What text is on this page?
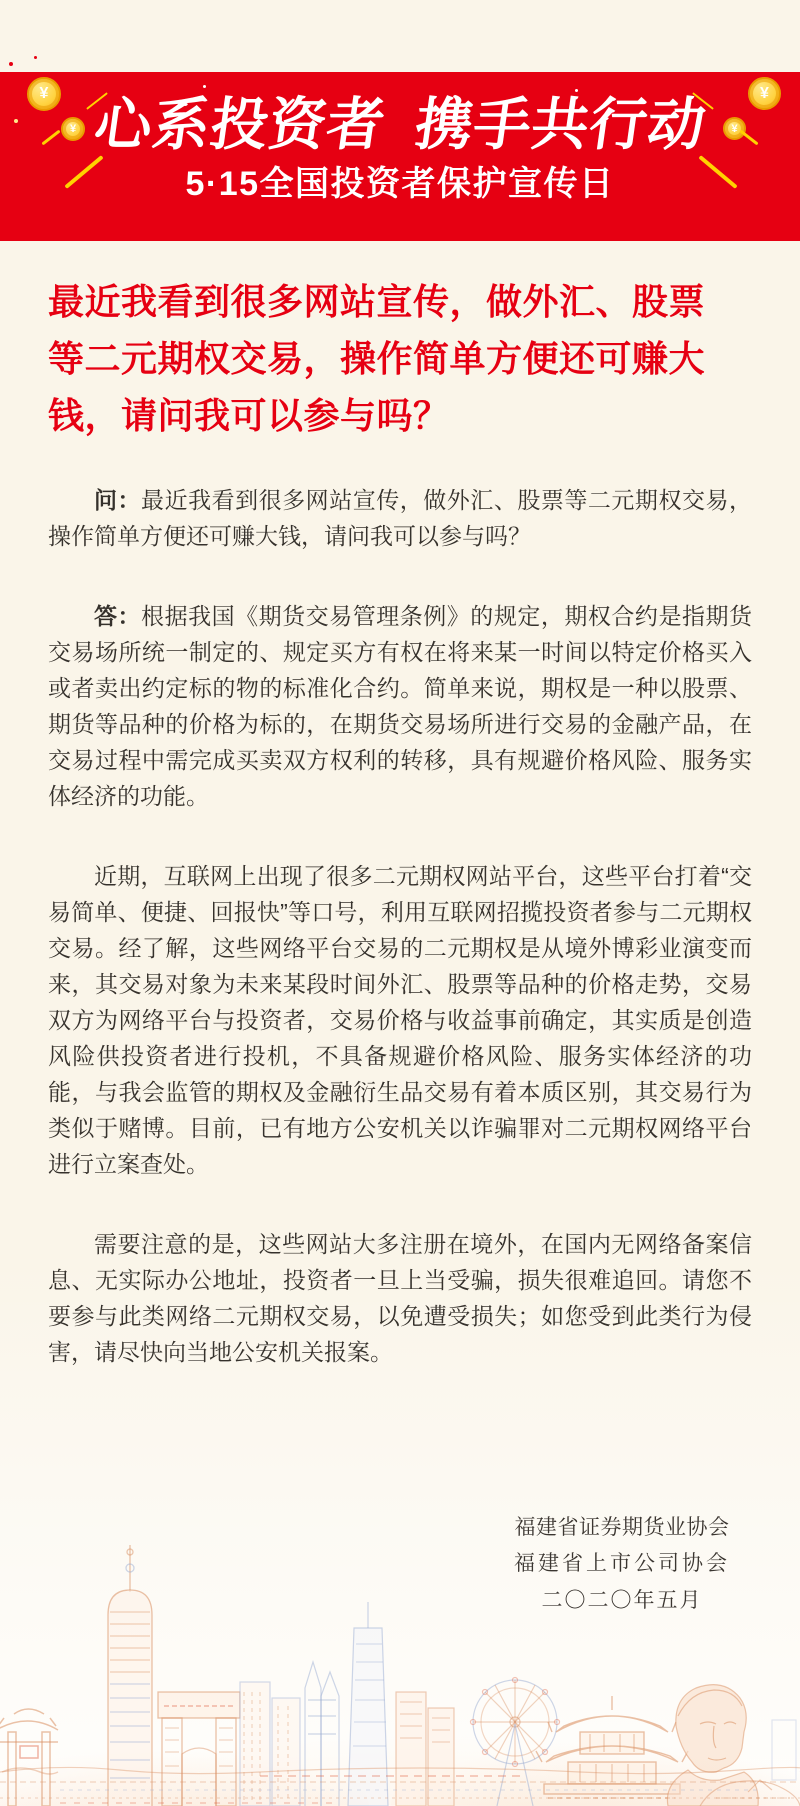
¥
¥
¥
¥
心系投资者 携手共行动
5·15全国投资者保护宣传日
最近我看到很多网站宣传，做外汇、股票
等二元期权交易，操作简单方便还可赚大
钱，请问我可以参与吗？

问：最近我看到很多网站宣传，做外汇、股票等二元期权交易，操作简单方便还可赚大钱，请问我可以参与吗？

答：根据我国《期货交易管理条例》的规定，期权合约是指期货交易场所统一制定的、规定买方有权在将来某一时间以特定价格买入或者卖出约定标的物的标准化合约。简单来说，期权是一种以股票、期货等品种的价格为标的，在期货交易场所进行交易的金融产品，在交易过程中需完成买卖双方权利的转移，具有规避价格风险、服务实体经济的功能。

近期，互联网上出现了很多二元期权网站平台，这些平台打着“交易简单、便捷、回报快”等口号，利用互联网招揽投资者参与二元期权交易。经了解，这些网络平台交易的二元期权是从境外博彩业演变而来，其交易对象为未来某段时间外汇、股票等品种的价格走势，交易双方为网络平台与投资者，交易价格与收益事前确定，其实质是创造风险供投资者进行投机，不具备规避价格风险、服务实体经济的功能，与我会监管的期权及金融衍生品交易有着本质区别，其交易行为类似于赌博。目前，已有地方公安机关以诈骗罪对二元期权网络平台进行立案查处。

需要注意的是，这些网站大多注册在境外，在国内无网络备案信息、无实际办公地址，投资者一旦上当受骗，损失很难追回。请您不要参与此类网络二元期权交易，以免遭受损失；如您受到此类行为侵害，请尽快向当地公安机关报案。

福建省证券期货业协会
福建省上市公司协会
二〇二〇年五月
